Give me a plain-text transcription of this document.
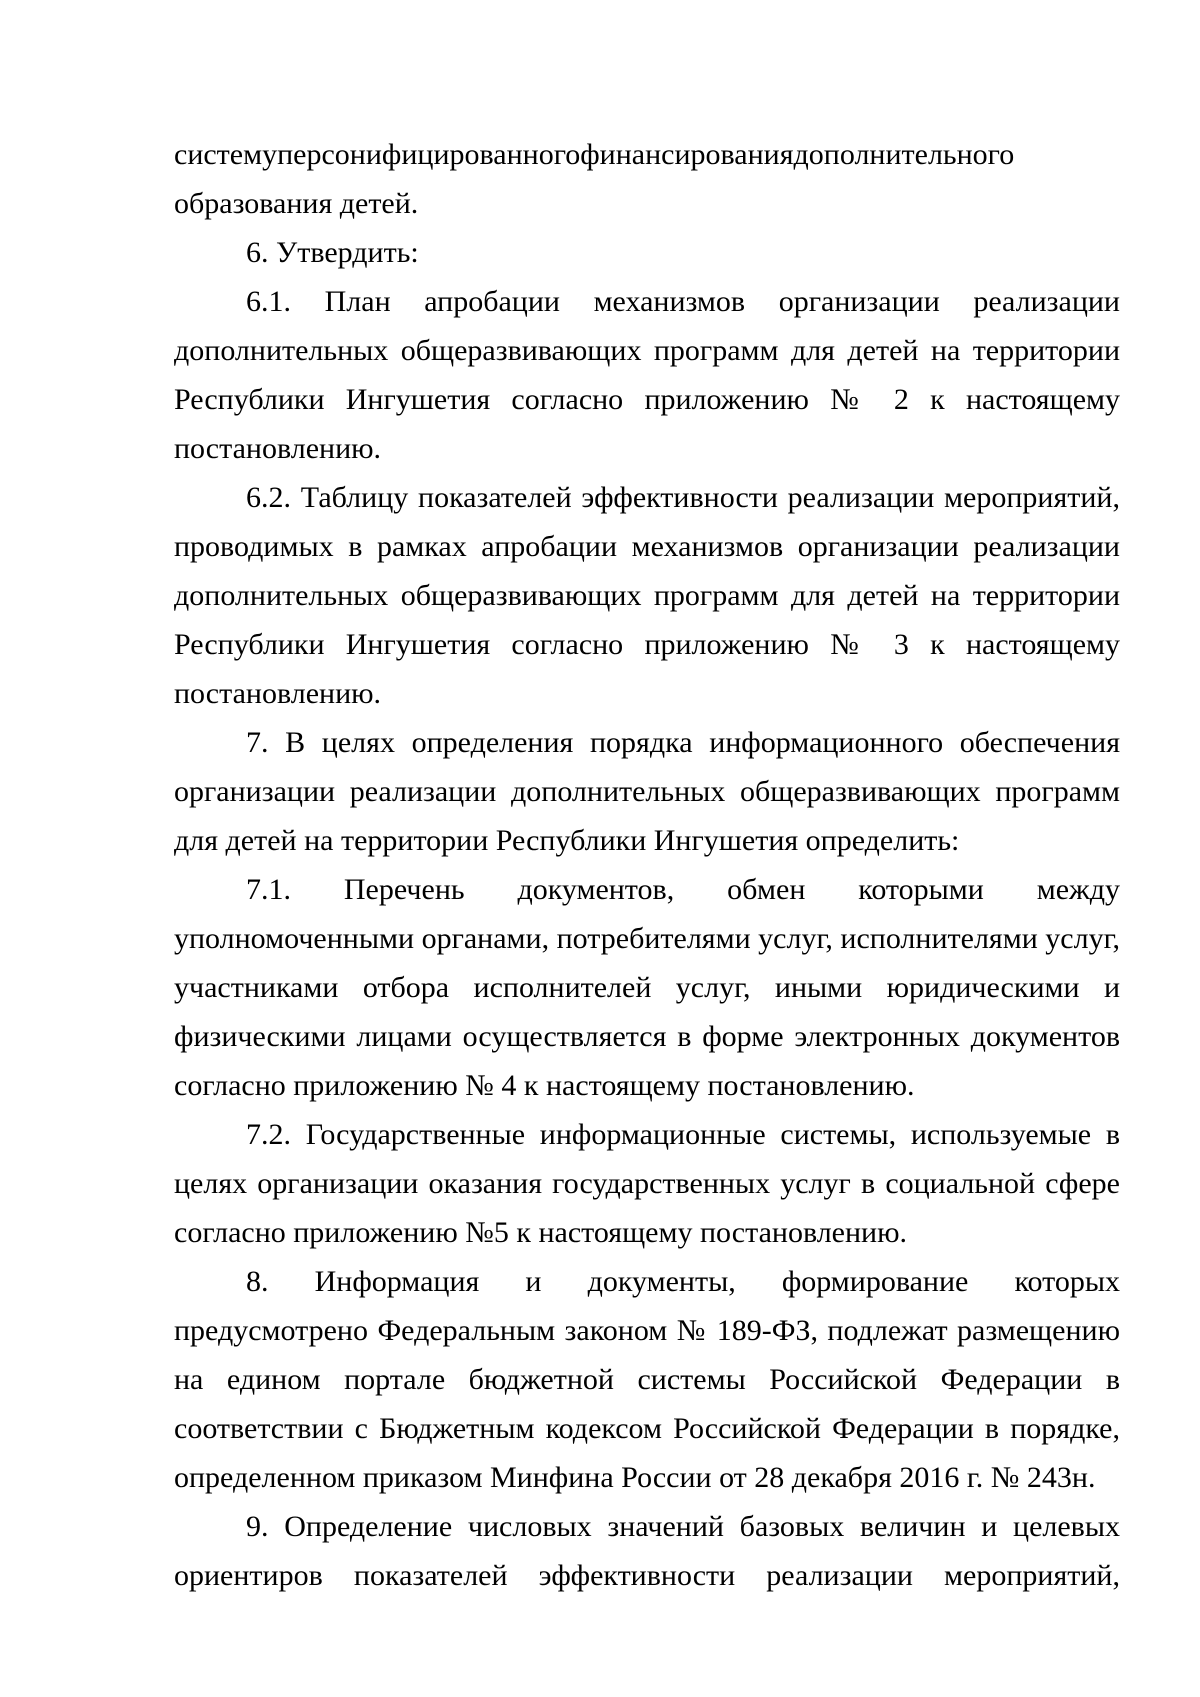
системуперсонифицированногофинансированиядополнительного

образования детей.

6. Утвердить:

6.1. План апробации механизмов организации реализации дополнительных общеразвивающих программ для детей на территории Республики Ингушетия согласно приложению № 2 к настоящему постановлению.

6.2. Таблицу показателей эффективности реализации мероприятий, проводимых в рамках апробации механизмов организации реализации дополнительных общеразвивающих программ для детей на территории Республики Ингушетия согласно приложению № 3 к настоящему постановлению.

7. В целях определения порядка информационного обеспечения организации реализации дополнительных общеразвивающих программ для детей на территории Республики Ингушетия определить:

7.1. Перечень документов, обмен которыми между уполномоченными органами, потребителями услуг, исполнителями услуг, участниками отбора исполнителей услуг, иными юридическими и физическими лицами осуществляется в форме электронных документов согласно приложению № 4 к настоящему постановлению.

7.2. Государственные информационные системы, используемые в целях организации оказания государственных услуг в социальной сфере согласно приложению №5 к настоящему постановлению.

8. Информация и документы, формирование которых предусмотрено Федеральным законом № 189-ФЗ, подлежат размещению на едином портале бюджетной системы Российской Федерации в соответствии с Бюджетным кодексом Российской Федерации в порядке, определенном приказом Минфина России от 28 декабря 2016 г. № 243н.

9. Определение числовых значений базовых величин и целевых ориентиров показателей эффективности реализации мероприятий,
